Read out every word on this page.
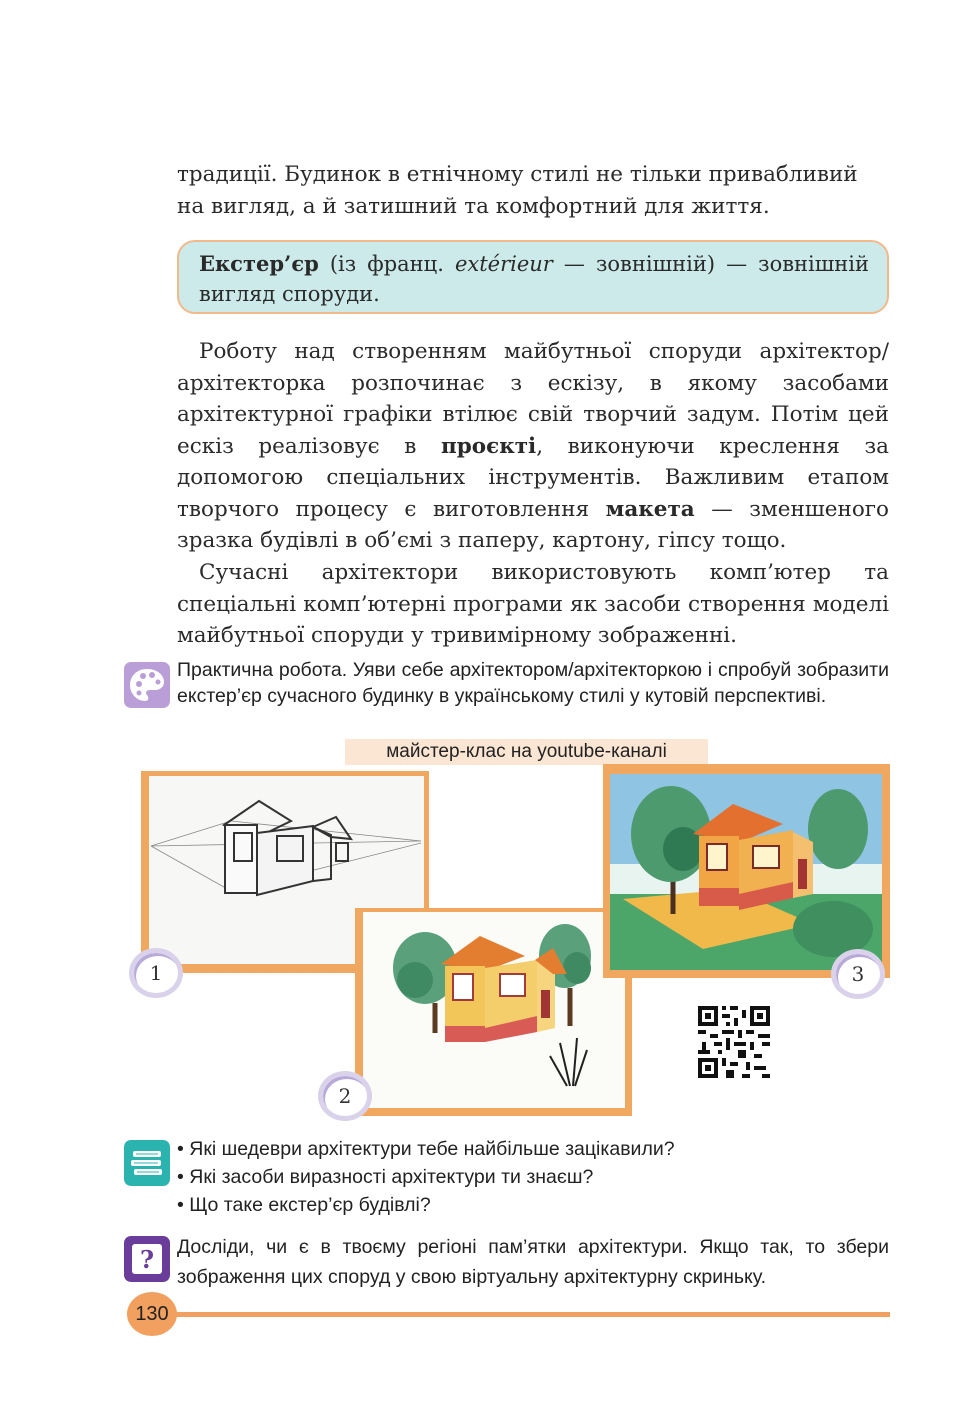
традиції. Будинок в етнічному стилі не тільки привабливий
на вигляд, а й затишний та комфортний для життя.
Екстер’єр (із франц. extérieur — зовнішній) — зовнішній вигляд споруди.
Роботу над створенням майбутньої споруди архітектор/архітекторка розпочинає з ескізу, в якому засобами архітектурної графіки втілює свій творчий задум. Потім цей ескіз реалізовує в проєкті, виконуючи креслення за допомогою спеціальних інструментів. Важливим етапом творчого процесу є виготовлення макета — зменшеного зразка будівлі в об’ємі з паперу, картону, гіпсу тощо.
Сучасні архітектори використовують комп’ютер та спеціальні комп’ютерні програми як засоби створення моделі майбутньої споруди у тривимірному зображенні.
Практична робота. Уяви себе архітектором/архітекторкою і спробуй зобразити екстер’єр сучасного будинку в українському стилі у кутовій перспективі.
майстер-клас на youtube-каналі
1
2
3
• Які шедеври архітектури тебе найбільше зацікавили?
• Які засоби виразності архітектури ти знаєш?
• Що таке екстер’єр будівлі?
? Досліди, чи є в твоєму регіоні пам’ятки архітектури. Якщо так, то збери зображення цих споруд у свою віртуальну архітектурну скриньку.
130
